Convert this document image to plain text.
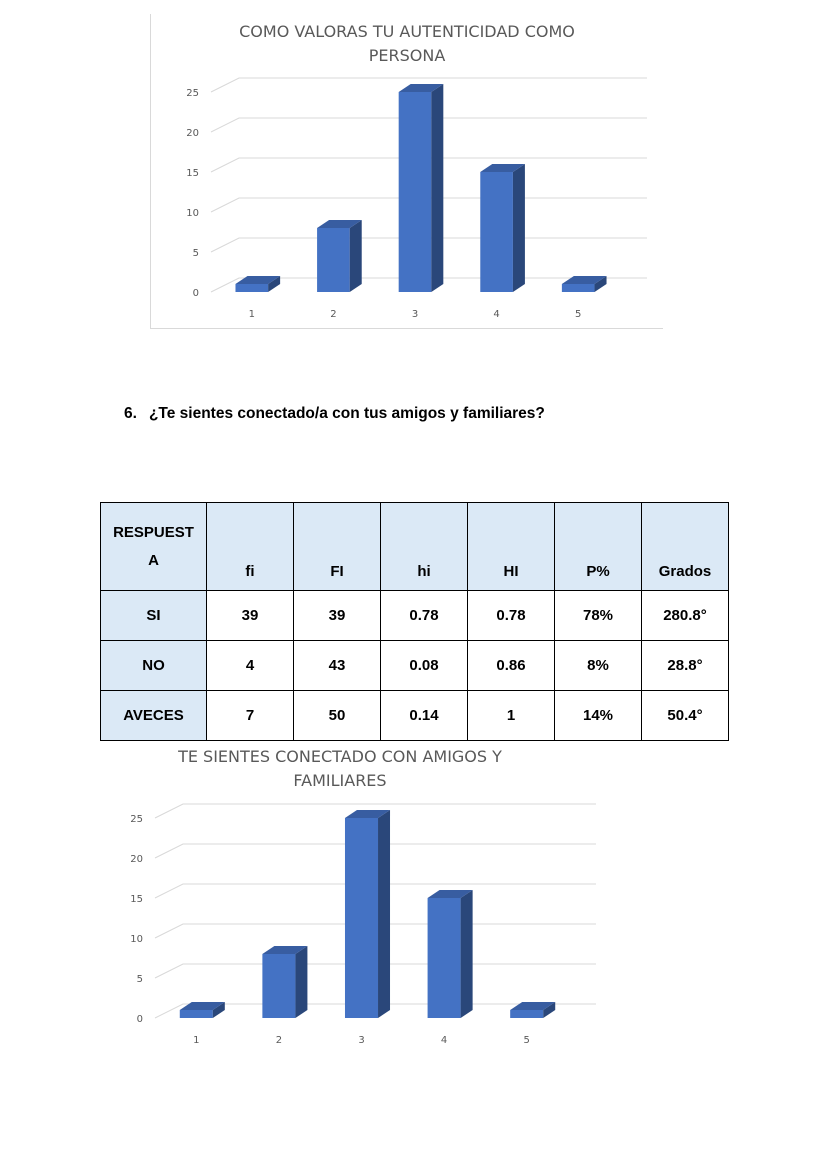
COMO VALORAS TU AUTENTICIDAD COMO
PERSONA
0
5
10
15
20
25
1	2	3	4	5
6. ¿Te sientes conectado/a con tus amigos y familiares?
RESPUEST
A	fi	FI	hi	HI	P%	Grados
SI	39	39	0.78	0.78	78%	280.8°
NO	4	43	0.08	0.86	8%	28.8°
AVECES	7	50	0.14	1	14%	50.4°
TE SIENTES CONECTADO CON AMIGOS Y
FAMILIARES
0
5
10
15
20
25
1	2	3	4	5
